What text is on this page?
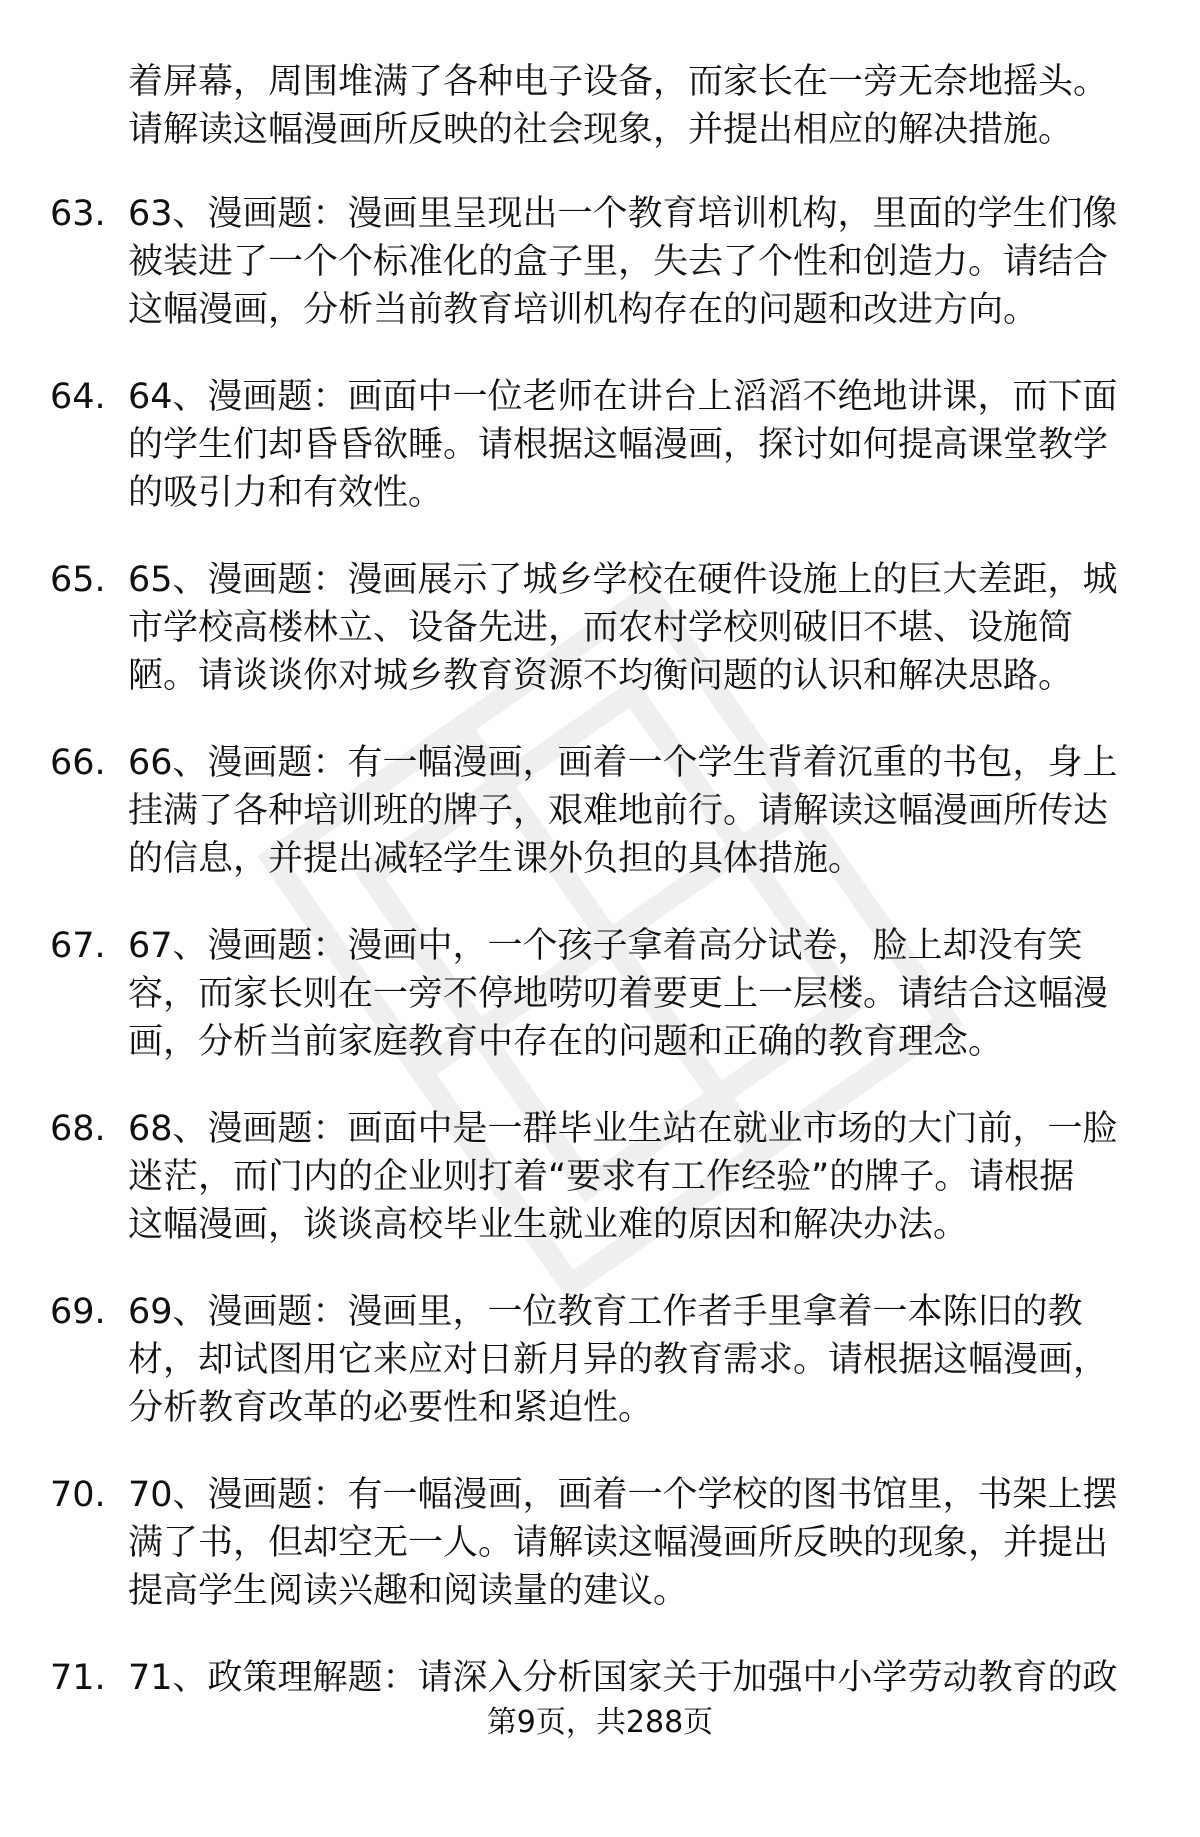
着屏幕，周围堆满了各种电子设备，而家长在一旁无奈地摇头。
请解读这幅漫画所反映的社会现象，并提出相应的解决措施。
63. 63、漫画题：漫画里呈现出一个教育培训机构，里面的学生们像
被装进了一个个标准化的盒子里，失去了个性和创造力。请结合
这幅漫画，分析当前教育培训机构存在的问题和改进方向。
64. 64、漫画题：画面中一位老师在讲台上滔滔不绝地讲课，而下面
的学生们却昏昏欲睡。请根据这幅漫画，探讨如何提高课堂教学
的吸引力和有效性。
65. 65、漫画题：漫画展示了城乡学校在硬件设施上的巨大差距，城
市学校高楼林立、设备先进，而农村学校则破旧不堪、设施简
陋。请谈谈你对城乡教育资源不均衡问题的认识和解决思路。
66. 66、漫画题：有一幅漫画，画着一个学生背着沉重的书包，身上
挂满了各种培训班的牌子，艰难地前行。请解读这幅漫画所传达
的信息，并提出减轻学生课外负担的具体措施。
67. 67、漫画题：漫画中，一个孩子拿着高分试卷，脸上却没有笑
容，而家长则在一旁不停地唠叨着要更上一层楼。请结合这幅漫
画，分析当前家庭教育中存在的问题和正确的教育理念。
68. 68、漫画题：画面中是一群毕业生站在就业市场的大门前，一脸
迷茫，而门内的企业则打着“要求有工作经验”的牌子。请根据
这幅漫画，谈谈高校毕业生就业难的原因和解决办法。
69. 69、漫画题：漫画里，一位教育工作者手里拿着一本陈旧的教
材，却试图用它来应对日新月异的教育需求。请根据这幅漫画，
分析教育改革的必要性和紧迫性。
70. 70、漫画题：有一幅漫画，画着一个学校的图书馆里，书架上摆
满了书，但却空无一人。请解读这幅漫画所反映的现象，并提出
提高学生阅读兴趣和阅读量的建议。
71. 71、政策理解题：请深入分析国家关于加强中小学劳动教育的政
第9页，共288页
